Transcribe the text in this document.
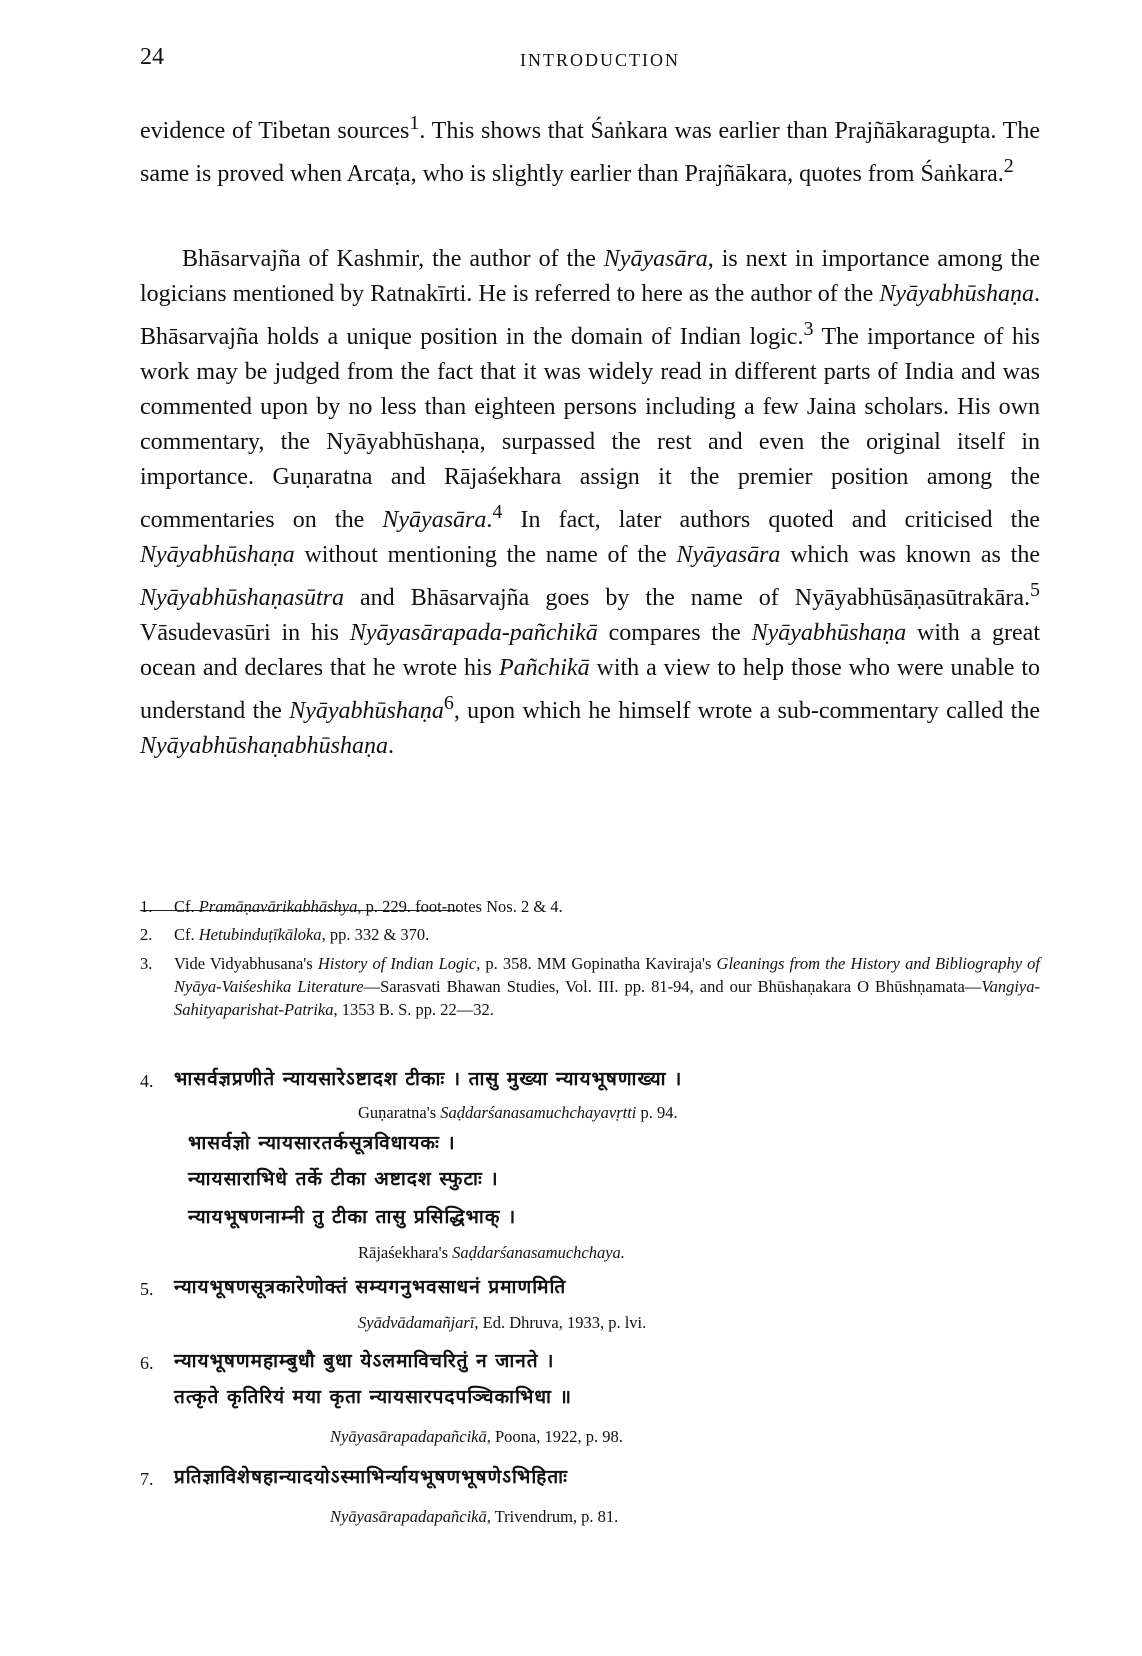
24	INTRODUCTION

evidence of Tibetan sources$^1$. This shows that Śaṅkara was earlier than Prajñākaragupta. The same is proved when Arcaṭa, who is slightly earlier than Prajñākara, quotes from Śaṅkara.$^2$

Bhāsarvajña of Kashmir, the author of the Nyāyasāra, is next in importance among the logicians mentioned by Ratnakīrti. He is referred to here as the author of the Nyāyabhūshaṇa. Bhāsarvajña holds a unique position in the domain of Indian logic.$^3$ The importance of his work may be judged from the fact that it was widely read in different parts of India and was commented upon by no less than eighteen persons including a few Jaina scholars. His own commentary, the Nyāyabhūshaṇa, surpassed the rest and even the original itself in importance. Guṇaratna and Rājaśekhara assign it the premier position among the commentaries on the Nyāyasāra.$^4$ In fact, later authors quoted and criticised the Nyāyabhūshaṇa without mentioning the name of the Nyāyasāra which was known as the Nyāyabhūshaṇasūtra and Bhāsarvajña goes by the name of Nyāyabhūsāṇasūtrakāra.$^5$ Vāsudevasūri in his Nyāyasārapada-pañchikā compares the Nyāyabhūshaṇa with a great ocean and declares that he wrote his Pañchikā with a view to help those who were unable to understand the Nyāyabhūshaṇa$^6$, upon which he himself wrote a sub-commentary called the Nyāyabhūshaṇabhūshaṇa.

1.	Cf. Pramāṇavārikabhāshya, p. 229. foot-notes Nos. 2 & 4.
2.	Cf. Hetubinduṭīkāloka, pp. 332 & 370.
3.	Vide Vidyabhusana's History of Indian Logic, p. 358. MM Gopinatha Kaviraja's Gleanings from the History and Bibliography of Nyāya-Vaiśeshika Literature—Sarasvati Bhawan Studies, Vol. III. pp. 81-94, and our Bhūshaṇakara O Bhūshṇamata—Vangiya-Sahityaparishat-Patrika, 1353 B. S. pp. 22—32.
4.	भासर्वज्ञप्रणीते न्यायसारेऽष्टादश टीकाः । तासु मुख्या न्यायभूषणाख्या ।
Guṇaratna's Saḍdarśanasamuchchayavṛtti p. 94.
भासर्वज्ञो न्यायसारतर्कसूत्रविधायकः ।
न्यायसाराभिधे तर्के टीका अष्टादश स्फुटाः ।
न्यायभूषणनाम्नी तु टीका तासु प्रसिद्धिभाक् ।
Rājaśekhara's Saḍdarśanasamuchchaya.
5.	न्यायभूषणसूत्रकारेणोक्तं सम्यगनुभवसाधनं प्रमाणमिति
Syādvādamañjarī, Ed. Dhruva, 1933, p. lvi.
6.	न्यायभूषणमहाम्बुधौ बुधा येऽलमाविचरितुं न जानते ।
तत्कृते कृतिरियं मया कृता न्यायसारपदपञ्चिकाभिधा ॥
Nyāyasārapadapañcikā, Poona, 1922, p. 98.
7.	प्रतिज्ञाविशेषहान्यादयोऽस्माभिर्न्यायभूषणभूषणेऽभिहिताः
Nyāyasārapadapañcikā, Trivendrum, p. 81.
